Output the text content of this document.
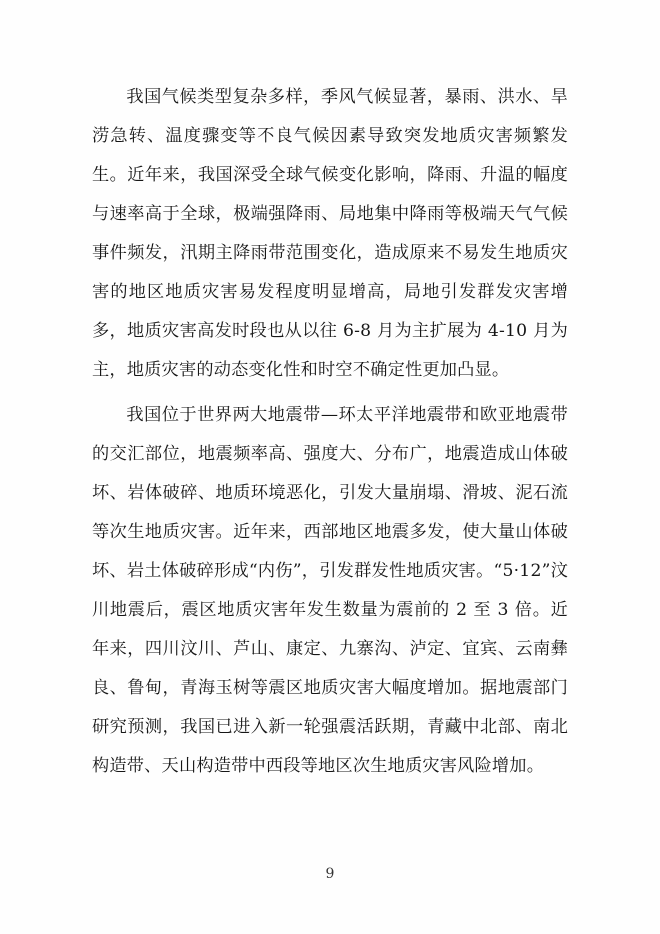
我国气候类型复杂多样，季风气候显著，暴雨、洪水、旱涝急转、温度骤变等不良气候因素导致突发地质灾害频繁发生。近年来，我国深受全球气候变化影响，降雨、升温的幅度与速率高于全球，极端强降雨、局地集中降雨等极端天气气候事件频发，汛期主降雨带范围变化，造成原来不易发生地质灾害的地区地质灾害易发程度明显增高，局地引发群发灾害增多，地质灾害高发时段也从以往 6-8 月为主扩展为 4-10 月为主，地质灾害的动态变化性和时空不确定性更加凸显。

我国位于世界两大地震带—环太平洋地震带和欧亚地震带的交汇部位，地震频率高、强度大、分布广，地震造成山体破坏、岩体破碎、地质环境恶化，引发大量崩塌、滑坡、泥石流等次生地质灾害。近年来，西部地区地震多发，使大量山体破坏、岩土体破碎形成“内伤”，引发群发性地质灾害。“5·12”汶川地震后，震区地质灾害年发生数量为震前的 2 至 3 倍。近年来，四川汶川、芦山、康定、九寨沟、泸定、宜宾、云南彝良、鲁甸，青海玉树等震区地质灾害大幅度增加。据地震部门研究预测，我国已进入新一轮强震活跃期，青藏中北部、南北构造带、天山构造带中西段等地区次生地质灾害风险增加。

9
